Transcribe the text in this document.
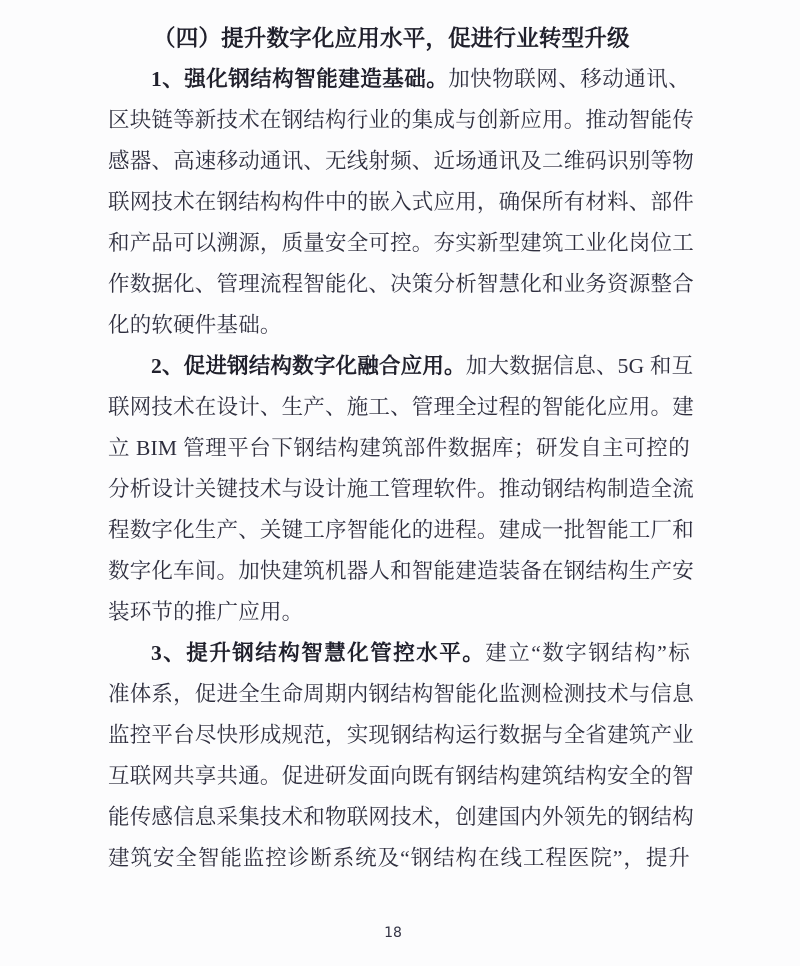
（四）提升数字化应用水平，促进行业转型升级
1、强化钢结构智能建造基础。加快物联网、移动通讯、
区块链等新技术在钢结构行业的集成与创新应用。推动智能传
感器、高速移动通讯、无线射频、近场通讯及二维码识别等物
联网技术在钢结构构件中的嵌入式应用，确保所有材料、部件
和产品可以溯源，质量安全可控。夯实新型建筑工业化岗位工
作数据化、管理流程智能化、决策分析智慧化和业务资源整合
化的软硬件基础。
2、促进钢结构数字化融合应用。加大数据信息、5G 和互
联网技术在设计、生产、施工、管理全过程的智能化应用。建
立 BIM 管理平台下钢结构建筑部件数据库；研发自主可控的
分析设计关键技术与设计施工管理软件。推动钢结构制造全流
程数字化生产、关键工序智能化的进程。建成一批智能工厂和
数字化车间。加快建筑机器人和智能建造装备在钢结构生产安
装环节的推广应用。
3、提升钢结构智慧化管控水平。建立“数字钢结构”标
准体系，促进全生命周期内钢结构智能化监测检测技术与信息
监控平台尽快形成规范，实现钢结构运行数据与全省建筑产业
互联网共享共通。促进研发面向既有钢结构建筑结构安全的智
能传感信息采集技术和物联网技术，创建国内外领先的钢结构
建筑安全智能监控诊断系统及“钢结构在线工程医院”，提升
18
